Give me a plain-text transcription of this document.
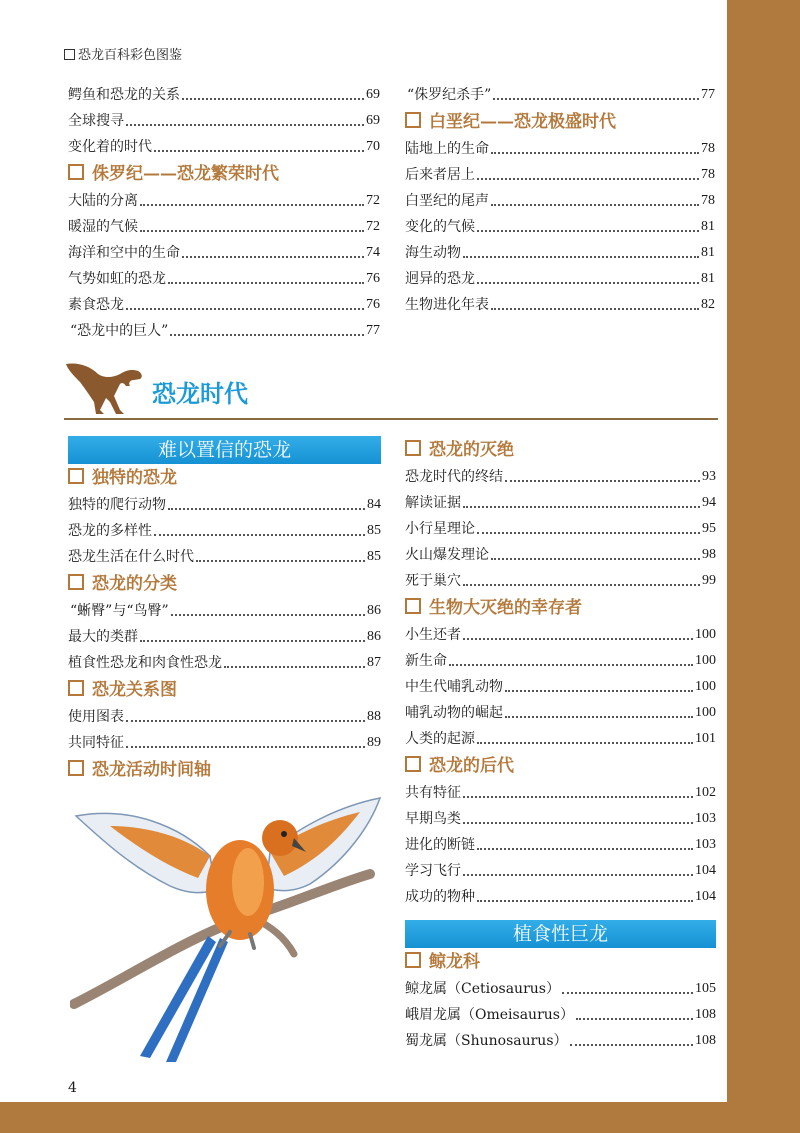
恐龙百科彩色图鉴
鳄鱼和恐龙的关系	69
全球搜寻	69
变化着的时代	70
侏罗纪——恐龙繁荣时代
大陆的分离	72
暖湿的气候	72
海洋和空中的生命	74
气势如虹的恐龙	76
素食恐龙	76
“恐龙中的巨人”	77
“侏罗纪杀手”	77
白垩纪——恐龙极盛时代
陆地上的生命	78
后来者居上	78
白垩纪的尾声	78
变化的气候	81
海生动物	81
迥异的恐龙	81
生物进化年表	82
恐龙时代
难以置信的恐龙
独特的恐龙
独特的爬行动物	84
恐龙的多样性	85
恐龙生活在什么时代	85
恐龙的分类
“蜥臀”与“鸟臀”	86
最大的类群	86
植食性恐龙和肉食性恐龙	87
恐龙关系图
使用图表	88
共同特征	89
恐龙活动时间轴
恐龙的灭绝
恐龙时代的终结	93
解读证据	94
小行星理论	95
火山爆发理论	98
死于巢穴	99
生物大灭绝的幸存者
小生还者	100
新生命	100
中生代哺乳动物	100
哺乳动物的崛起	100
人类的起源	101
恐龙的后代
共有特征	102
早期鸟类	103
进化的断链	103
学习飞行	104
成功的物种	104
植食性巨龙
鲸龙科
鲸龙属（Cetiosaurus）	105
峨眉龙属（Omeisaurus）	108
蜀龙属（Shunosaurus）	108
4
